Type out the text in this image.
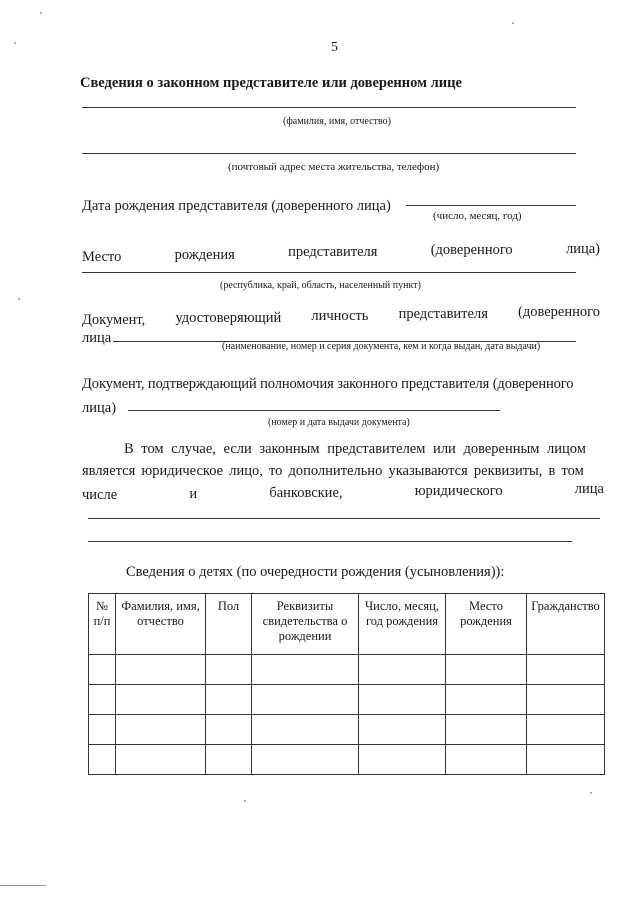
5
Сведения о законном представителе или доверенном лице
(фамилия, имя, отчество)
(почтовый адрес места жительства, телефон)
Дата рождения представителя (доверенного лица)
(число, месяц, год)
Место	рождения	представителя	(доверенного	лица)
(республика, край, область, населенный пункт)
Документ, удостоверяющий личность представителя (доверенного
лица
(наименование, номер и серия документа, кем и когда выдан, дата выдачи)
Документ, подтверждающий полномочия законного представителя (доверенного
лица)
(номер и дата выдачи документа)
В том случае, если законным представителем или доверенным лицом
является юридическое лицо, то дополнительно указываются реквизиты, в том
числе	и	банковские,	юридического	лица
Сведения о детях (по очередности рождения (усыновления)):
№ п/п	Фамилия, имя, отчество	Пол	Реквизиты свидетельства о рождении	Число, месяц, год рождения	Место рождения	Гражданство
